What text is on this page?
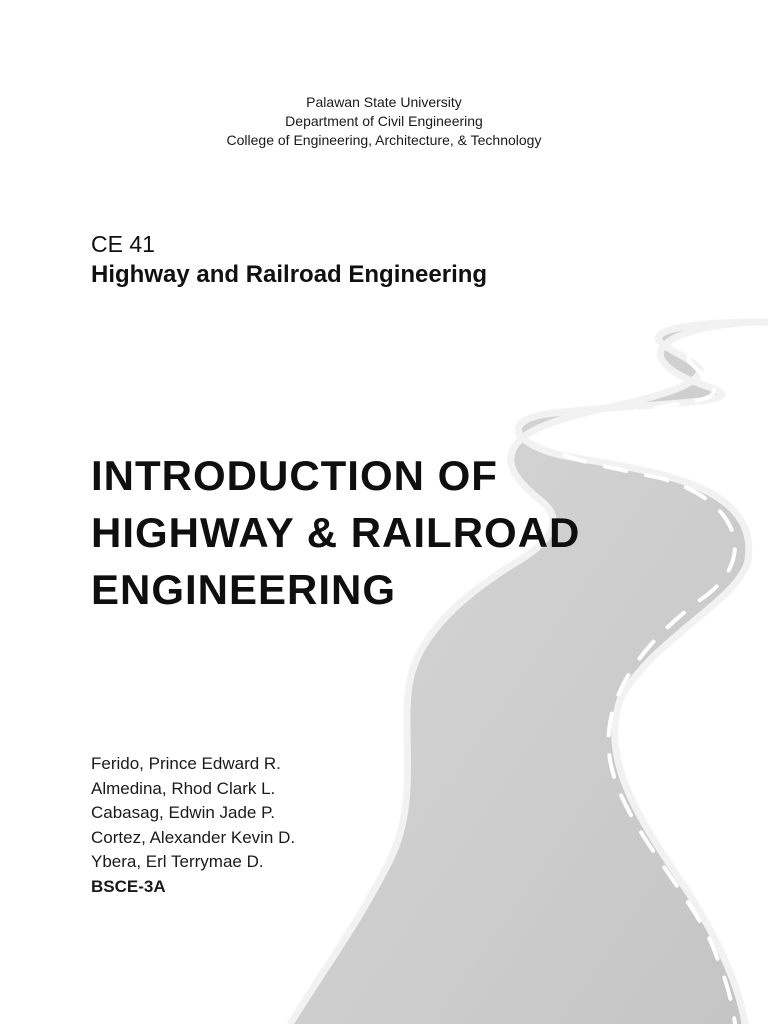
Palawan State University
Department of Civil Engineering
College of Engineering, Architecture, & Technology
CE 41
Highway and Railroad Engineering
INTRODUCTION OF
HIGHWAY & RAILROAD
ENGINEERING
Ferido, Prince Edward R.
Almedina, Rhod Clark L.
Cabasag, Edwin Jade P.
Cortez, Alexander Kevin D.
Ybera, Erl Terrymae D.
BSCE-3A
